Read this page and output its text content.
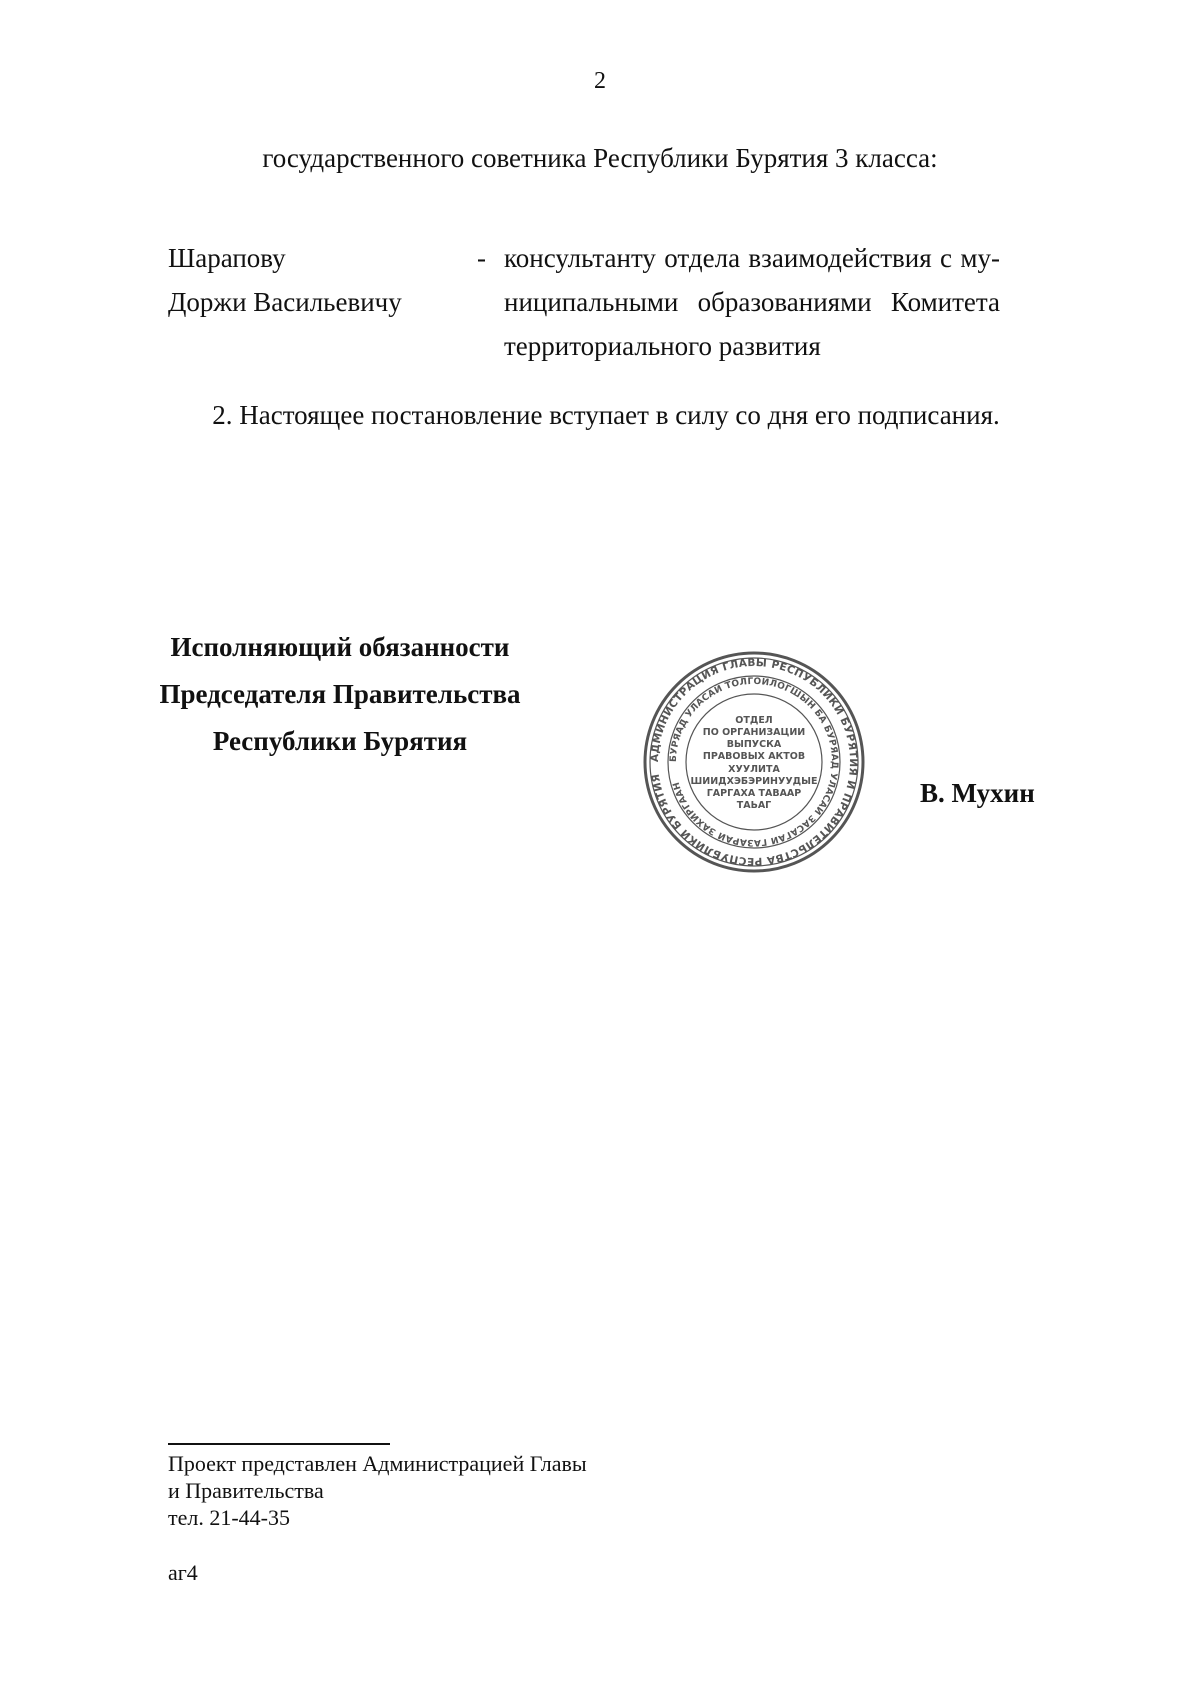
2
государственного советника Республики Бурятия 3 класса:
Шарапову
Доржи Васильевичу
- консультанту отдела взаимодействия с му-
ниципальными образованиями Комитета
территориального развития
2. Настоящее постановление вступает в силу со дня его подписания.
Исполняющий обязанности
Председателя Правительства
Республики Бурятия
АДМИНИСТРАЦИЯ ГЛАВЫ РЕСПУБЛИКИ БУРЯТИЯ И ПРАВИТЕЛЬСТВА РЕСПУБЛИКИ БУРЯТИЯ
БУРЯАД УЛАСАЙ ТОЛГОЙЛОГШЫН БА БУРЯАД УЛАСАЙ ЗАСАГАЙ ГАЗАРАЙ ЗАХИРГААН
ОТДЕЛ
ПО ОРГАНИЗАЦИИ
ВЫПУСКА
ПРАВОВЫХ АКТОВ
ХУУЛИТА
ШИИДХЭБЭРИНУУДЫЕ
ГАРГАХА ТАВААР
ТАЬАГ	В. Мухин
Проект представлен Администрацией Главы
и Правительства
тел. 21-44-35
аг4
